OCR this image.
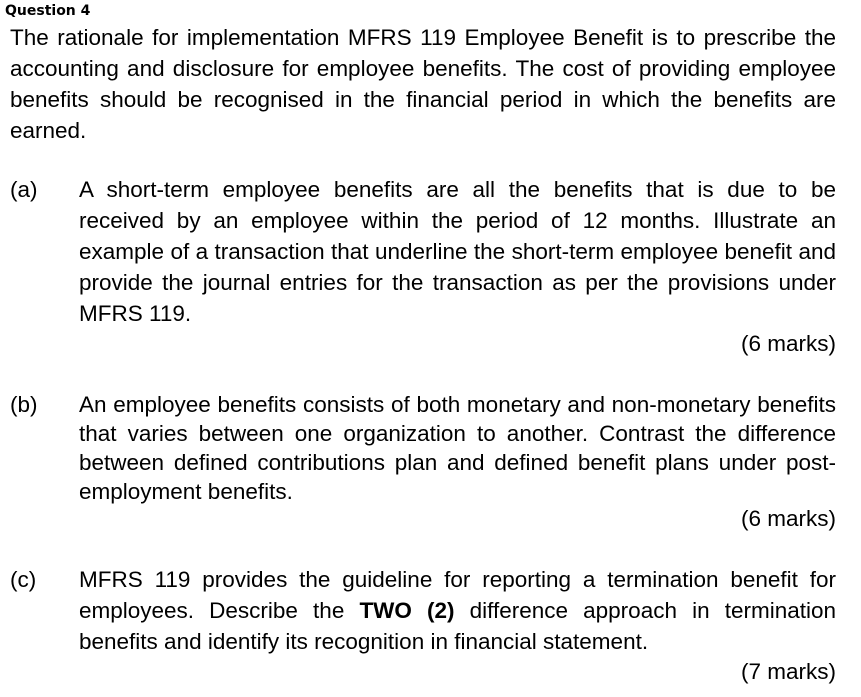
Question 4

The rationale for implementation MFRS 119 Employee Benefit is to prescribe the accounting and disclosure for employee benefits. The cost of providing employee benefits should be recognised in the financial period in which the benefits are earned.

(a) A short-term employee benefits are all the benefits that is due to be received by an employee within the period of 12 months. Illustrate an example of a transaction that underline the short-term employee benefit and provide the journal entries for the transaction as per the provisions under MFRS 119.

(6 marks)
(b) An employee benefits consists of both monetary and non-monetary benefits that varies between one organization to another. Contrast the difference between defined contributions plan and defined benefit plans under post-employment benefits.

(6 marks)
(c) MFRS 119 provides the guideline for reporting a termination benefit for employees. Describe the TWO (2) difference approach in termination benefits and identify its recognition in financial statement.

(7 marks)
